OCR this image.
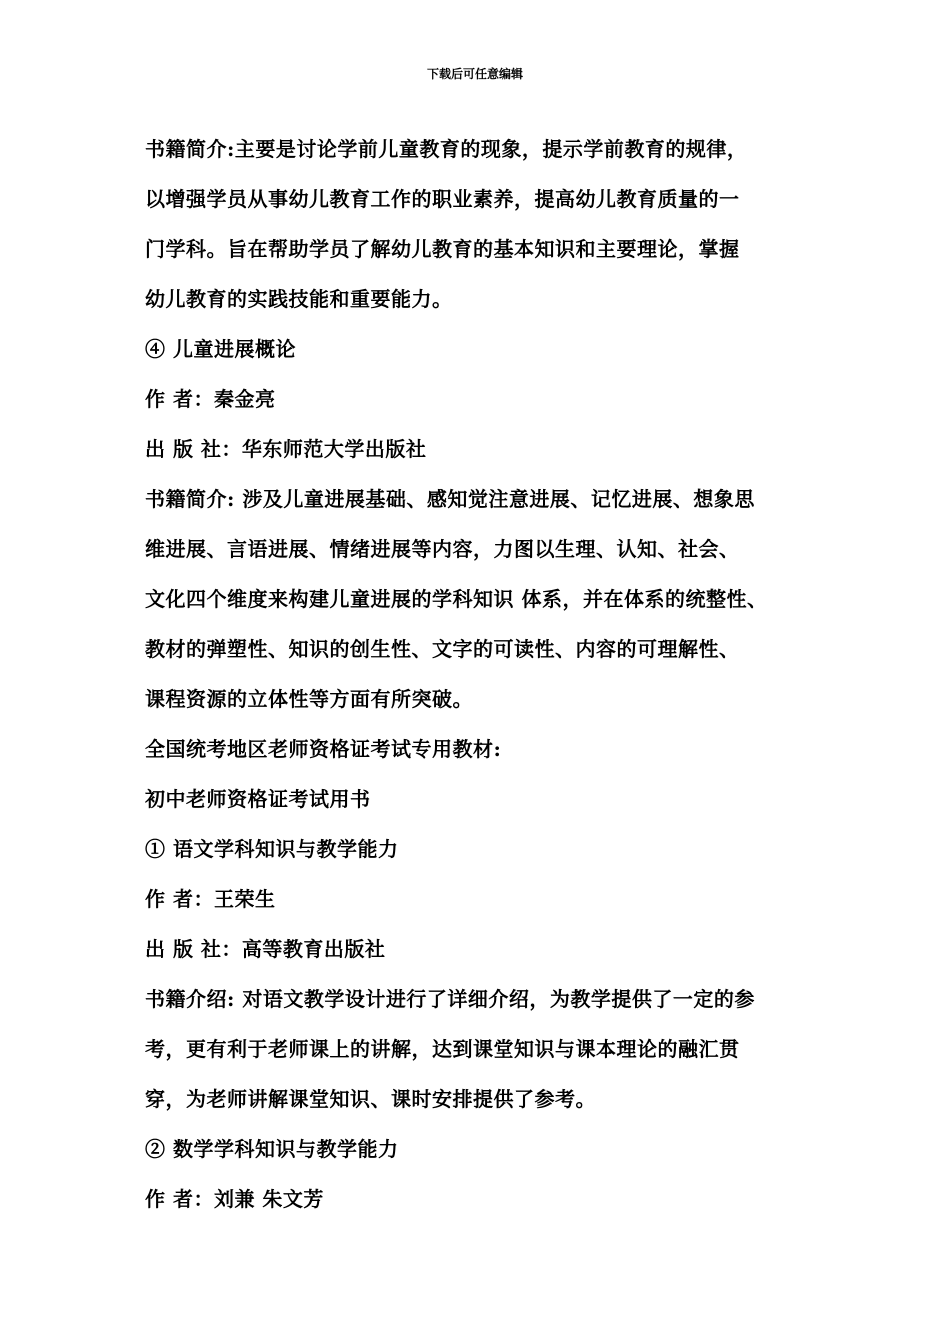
下载后可任意编辑
书籍简介:主要是讨论学前儿童教育的现象，提示学前教育的规律，
以增强学员从事幼儿教育工作的职业素养，提高幼儿教育质量的一
门学科。旨在帮助学员了解幼儿教育的基本知识和主要理论，掌握
幼儿教育的实践技能和重要能力。
④ 儿童进展概论
作 者：秦金亮
出 版 社：华东师范大学出版社
书籍简介: 涉及儿童进展基础、感知觉注意进展、记忆进展、想象思
维进展、言语进展、情绪进展等内容，力图以生理、认知、社会、
文化四个维度来构建儿童进展的学科知识 体系，并在体系的统整性、
教材的弹塑性、知识的创生性、文字的可读性、内容的可理解性、
课程资源的立体性等方面有所突破。
全国统考地区老师资格证考试专用教材:
初中老师资格证考试用书
① 语文学科知识与教学能力
作 者：王荣生
出 版 社：高等教育出版社
书籍介绍: 对语文教学设计进行了详细介绍，为教学提供了一定的参
考，更有利于老师课上的讲解，达到课堂知识与课本理论的融汇贯
穿，为老师讲解课堂知识、课时安排提供了参考。
② 数学学科知识与教学能力
作 者：刘兼 朱文芳
